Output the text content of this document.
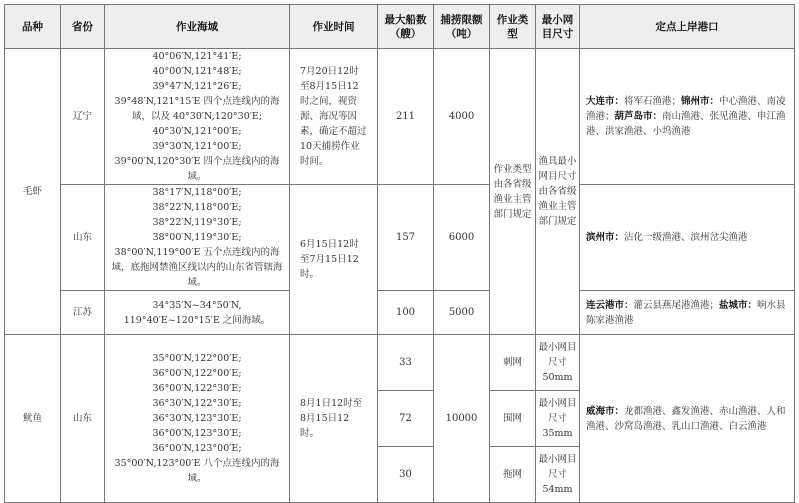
品种	省份	作业海域	作业时间	最大船数（艘）	捕捞限额（吨）	作业类型	最小网目尺寸	定点上岸港口
毛虾	辽宁	40°06′N,121°41′E; 40°00′N,121°48′E; 39°47′N,121°26′E; 39°48′N,121°15′E 四个点连线内的海域，以及 40°30′N,120°30′E; 40°30′N,121°00′E; 39°30′N,121°00′E; 39°00′N,120°30′E 四个点连线内的海域。	7月20日12时至8月15日12时之间，视资源、海况等因素，确定不超过10天捕捞作业时间。	211	4000	作业类型由各省级渔业主管部门规定	渔具最小网目尺寸由各省级渔业主管部门规定	大连市：将军石渔港；锦州市：中心渔港、南凌渔港；葫芦岛市：南山渔港、张见渔港、申江渔港、洪家渔港、小坞渔港
	山东	38°17′N,118°00′E; 38°22′N,118°00′E; 38°22′N,119°30′E; 38°00′N,119°30′E; 38°00′N,119°00′E 五个点连线内的海域，底拖网禁渔区线以内的山东省管辖海域。	6月15日12时至7月15日12时。	157	6000			滨州市：沾化一级渔港、滨州岔尖渔港
	江苏	34°35′N~34°50′N, 119°40′E~120°15′E 之间海域。		100	5000			连云港市：灌云县燕尾港渔港；盐城市：响水县陈家港渔港
鱿鱼	山东	35°00′N,122°00′E; 36°00′N,122°00′E; 36°00′N,122°30′E; 36°30′N,122°30′E; 36°30′N,123°30′E; 36°00′N,123°30′E; 36°00′N,123°00′E; 35°00′N,123°00′E 八个点连线内的海域。	8月1日12时至8月15日12时。	33	10000	刺网	最小网目尺寸50mm	威海市：龙都渔港、鑫发渔港、赤山渔港、人和渔港、沙窝岛渔港、乳山口渔港、白云渔港
				72		围网	最小网目尺寸35mm	
				30		拖网	最小网目尺寸54mm	
